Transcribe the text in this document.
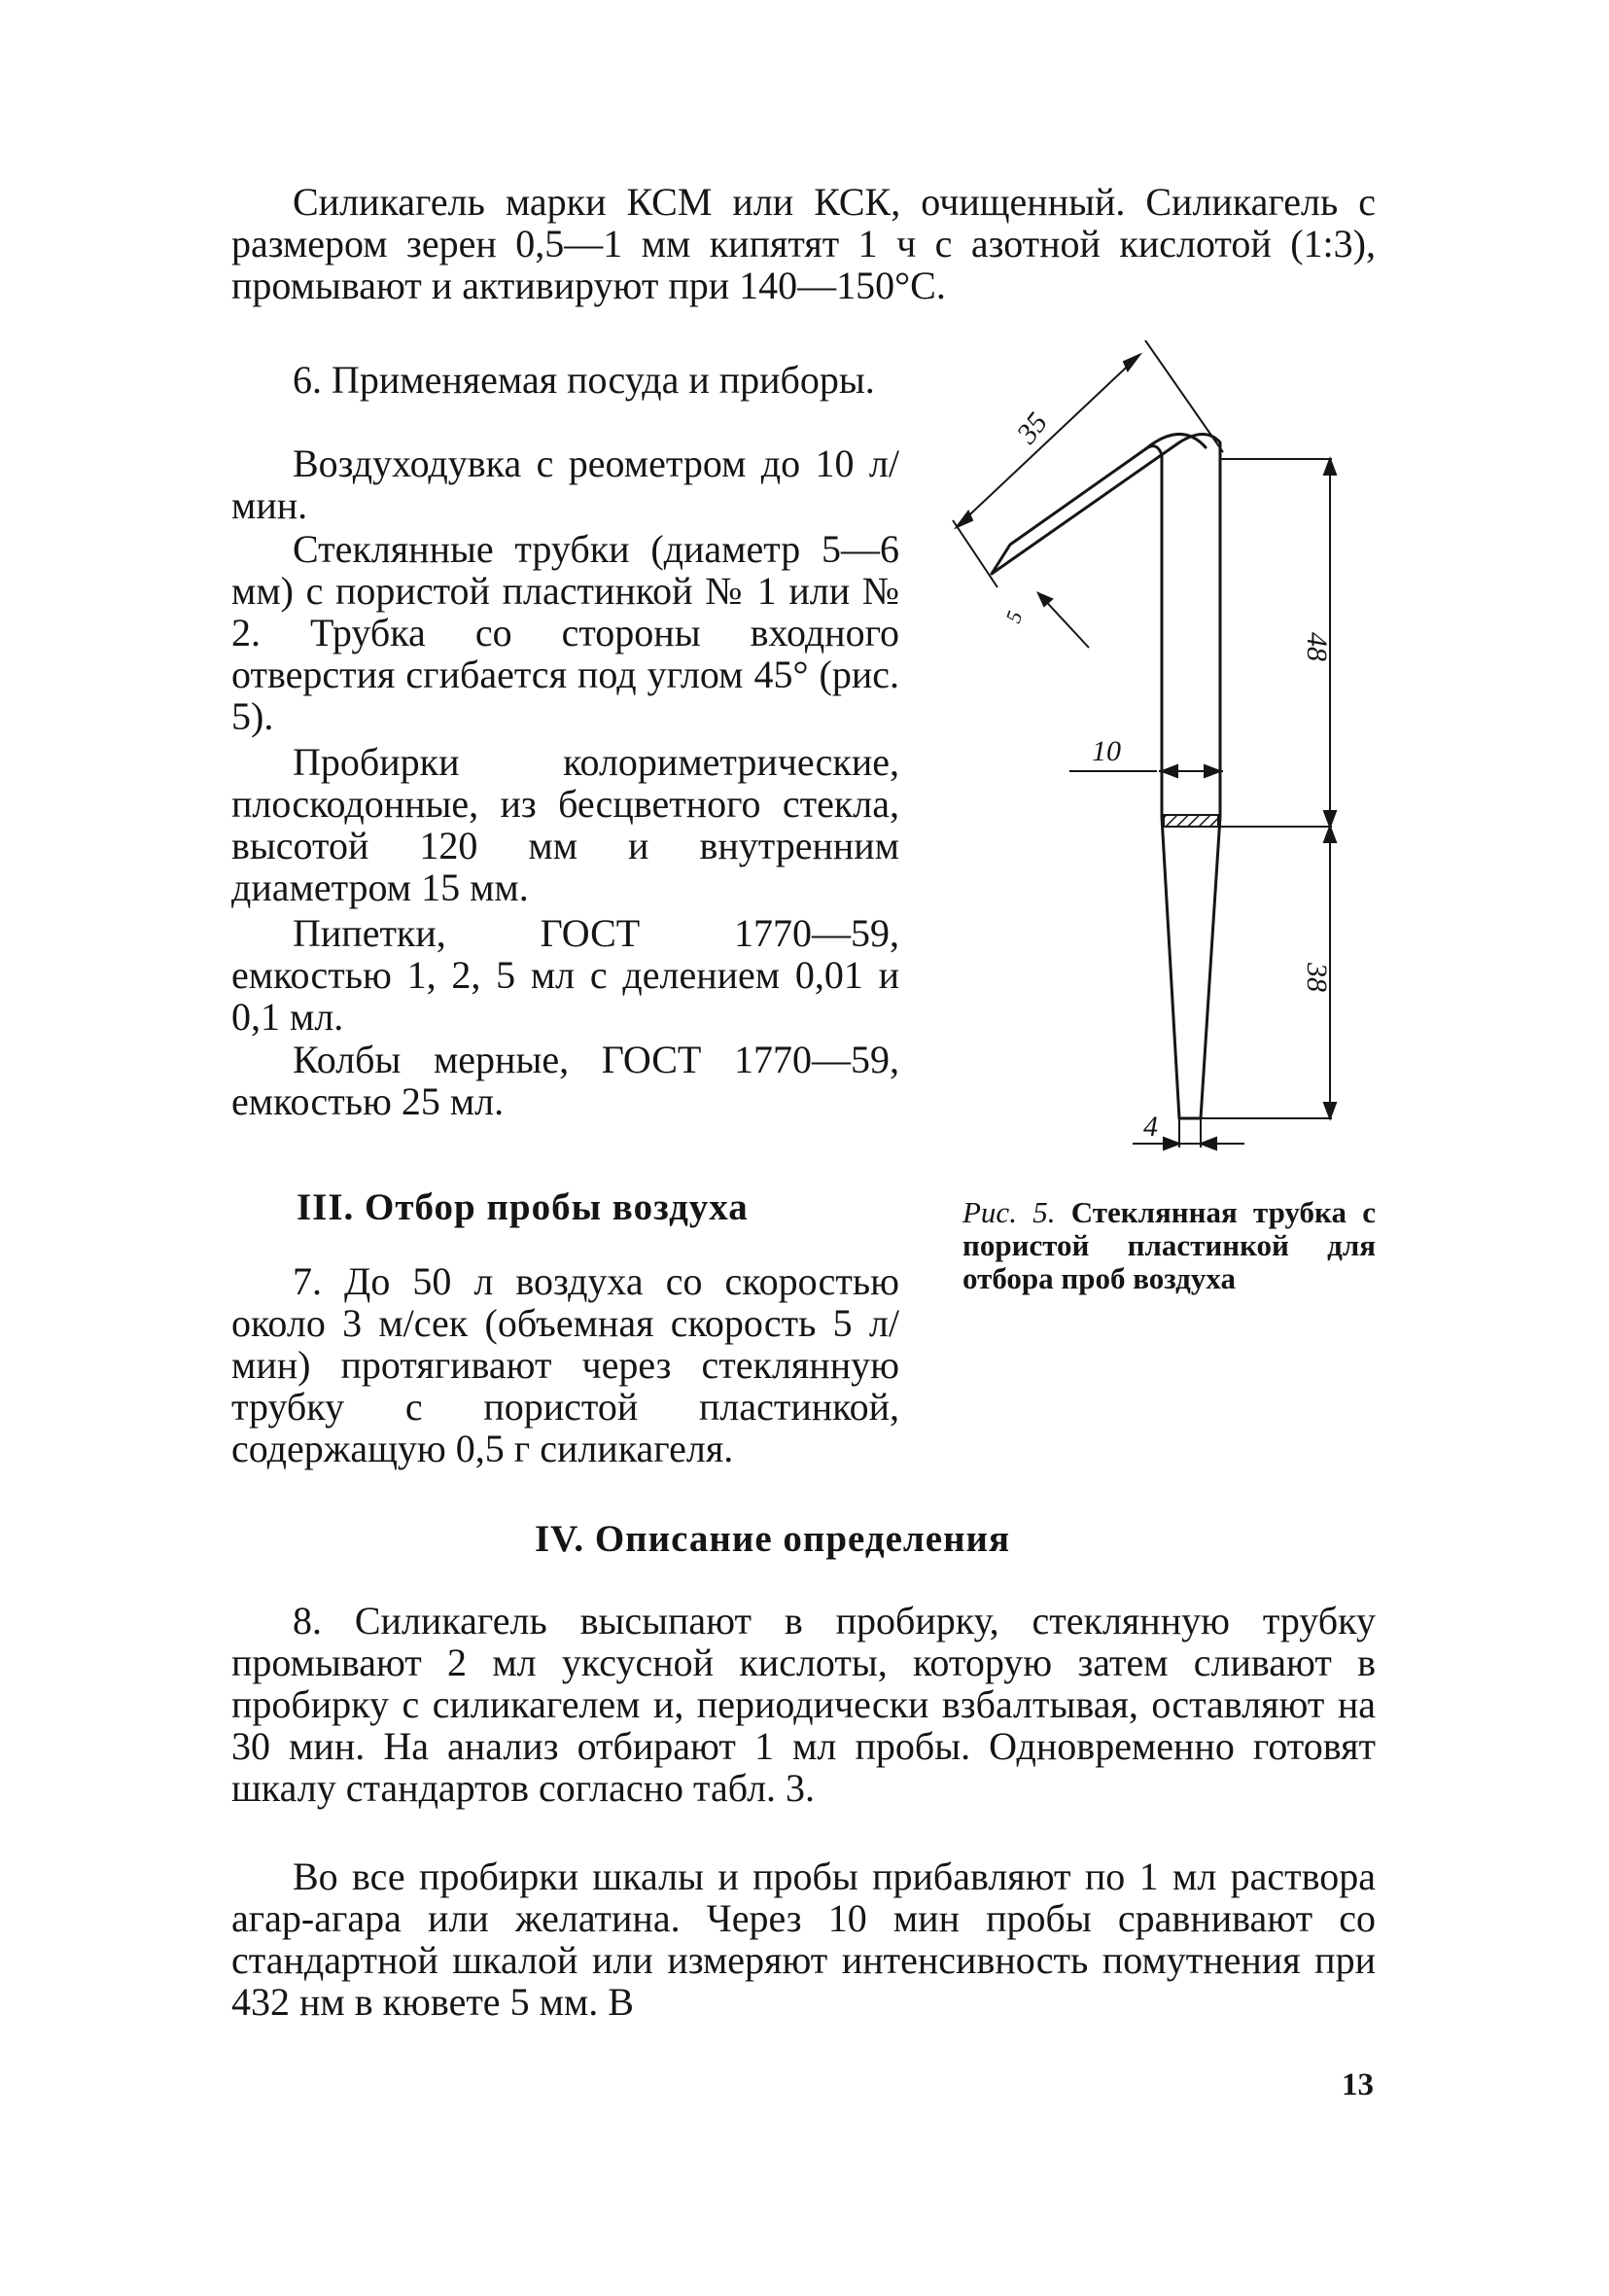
Силикагель марки КСМ или КСК, очищенный. Силикагель с размером зерен 0,5—1 мм кипятят 1 ч с азотной кислотой (1:3), промывают и активируют при 140—150°С.

6. Применяемая посуда и приборы.

Воздуходувка с реометром до 10 л/мин.

Стеклянные трубки (диаметр 5—6 мм) с пористой пластинкой № 1 или № 2. Трубка со стороны входного отверстия сгибается под углом 45° (рис. 5).

Пробирки колориметрические, плоскодонные, из бесцветного стекла, высотой 120 мм и внутренним диаметром 15 мм.

Пипетки, ГОСТ 1770—59, емкостью 1, 2, 5 мл с делением 0,01 и 0,1 мл.

Колбы мерные, ГОСТ 1770—59, емкостью 25 мл.

III. Отбор пробы воздуха

7. До 50 л воздуха со скоростью около 3 м/сек (объемная скорость 5 л/мин) протягивают через стеклянную трубку с пористой пластинкой, содержащую 0,5 г силикагеля.

Рис. 5. Стеклянная трубка с пористой пластинкой для отбора проб воздуха
IV. Описание определения

8. Силикагель высыпают в пробирку, стеклянную трубку промывают 2 мл уксусной кислоты, которую затем сливают в пробирку с силикагелем и, периодически взбалтывая, оставляют на 30 мин. На анализ отбирают 1 мл пробы. Одновременно готовят шкалу стандартов согласно табл. 3.

Во все пробирки шкалы и пробы прибавляют по 1 мл раствора агар-агара или желатина. Через 10 мин пробы сравнивают со стандартной шкалой или измеряют интенсивность помутнения при 432 нм в кювете 5 мм. В

13
35
5
48
10
38
4
